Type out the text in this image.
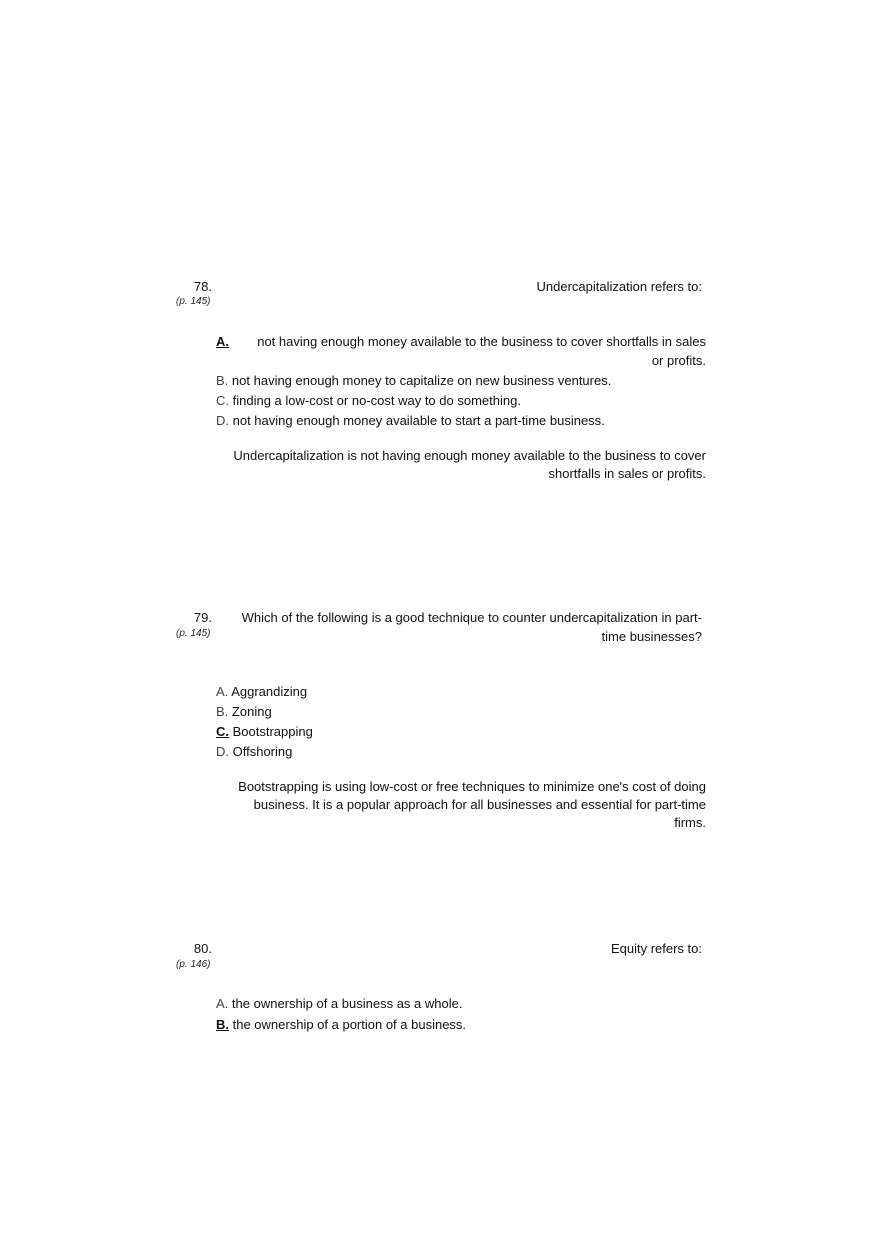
78.
(p. 145)
Undercapitalization refers to:
A.	not having enough money available to the business to cover shortfalls in sales or profits.
B. not having enough money to capitalize on new business ventures.
C. finding a low-cost or no-cost way to do something.
D. not having enough money available to start a part-time business.
Undercapitalization is not having enough money available to the business to cover shortfalls in sales or profits.
79.
(p. 145)
Which of the following is a good technique to counter undercapitalization in part-time businesses?
A. Aggrandizing
B. Zoning
C. Bootstrapping
D. Offshoring
Bootstrapping is using low-cost or free techniques to minimize one's cost of doing business. It is a popular approach for all businesses and essential for part-time firms.
80.
(p. 146)
Equity refers to:
A. the ownership of a business as a whole.
B. the ownership of a portion of a business.
